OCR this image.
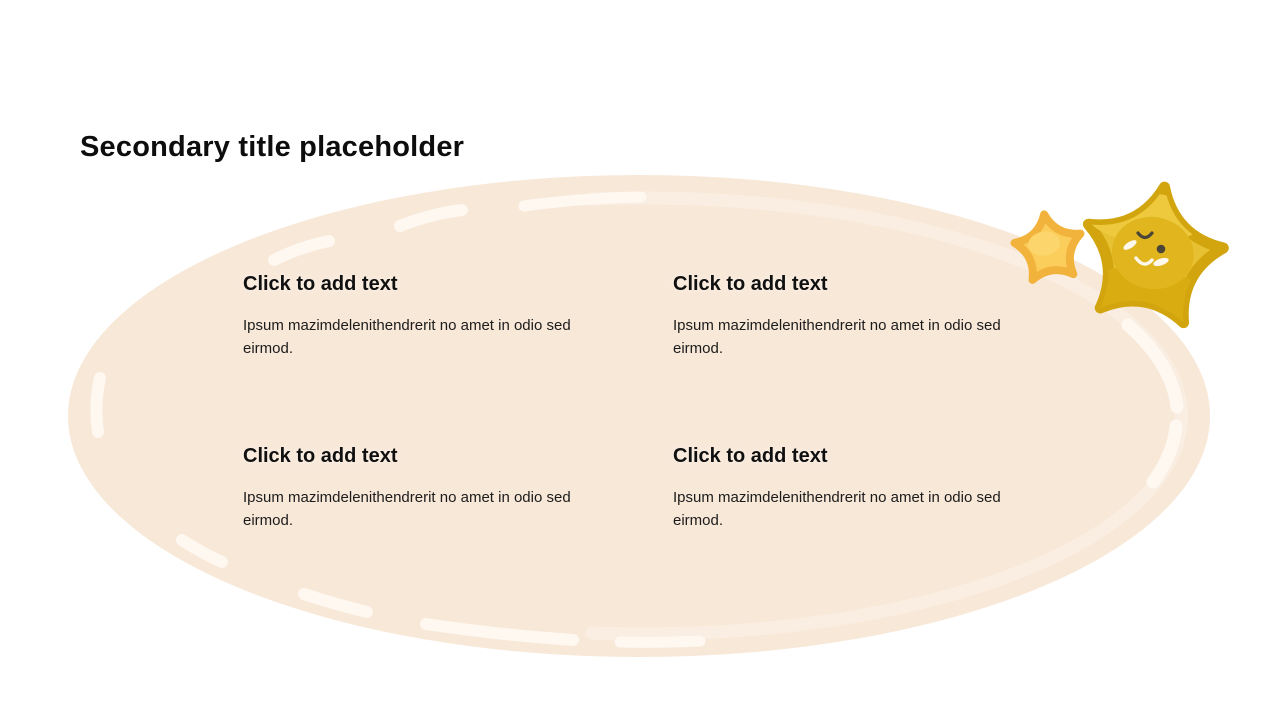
Secondary title placeholder
Click to add text

Ipsum mazimdelenithendrerit no amet in odio sed eirmod.

Click to add text

Ipsum mazimdelenithendrerit no amet in odio sed eirmod.

Click to add text

Ipsum mazimdelenithendrerit no amet in odio sed eirmod.

Click to add text

Ipsum mazimdelenithendrerit no amet in odio sed eirmod.
